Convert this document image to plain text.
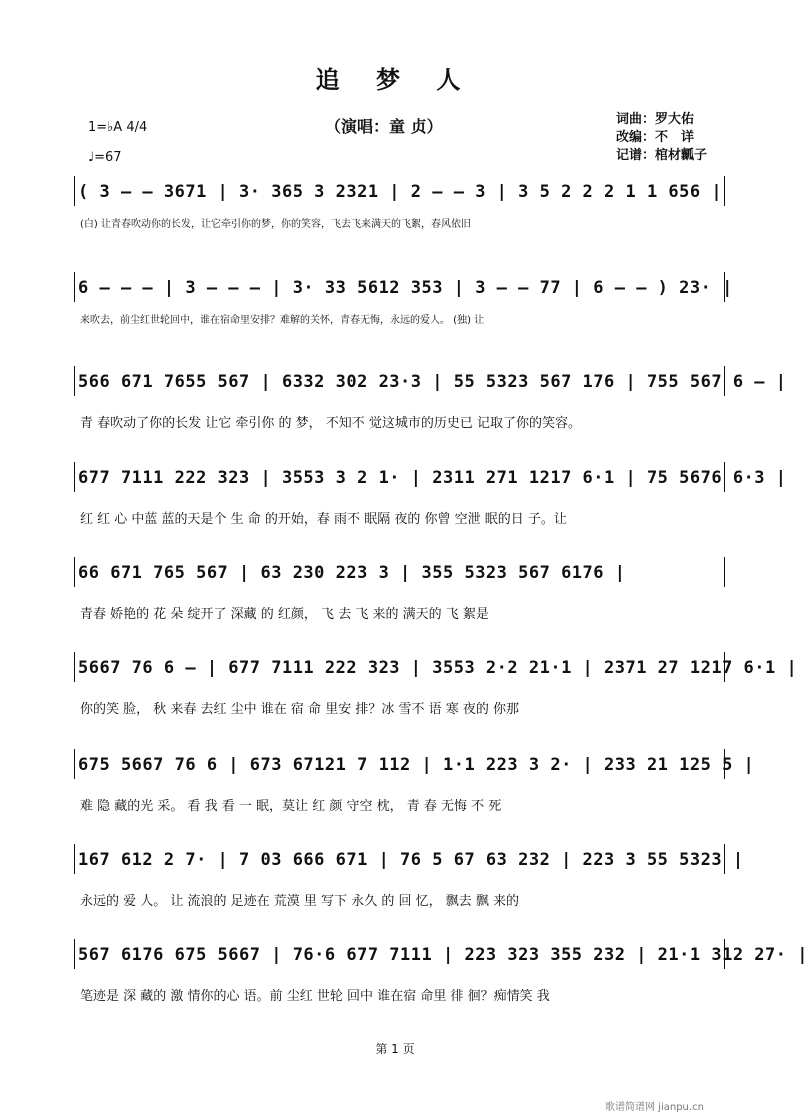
追 梦 人
（演唱：童 贞）	词曲：罗大佑
改编：不　详
记谱：棺材瓤子
1=♭A 4/4
♩=67
( 3 – – 3671 | 3· 365 3 2321 | 2 – – 3 | 3 5 2 2 2 1 1 656 |
(白) 让青春吹动你的长发，让它牵引你的梦，你的笑容，飞去飞来满天的飞絮，春风依旧
6 – – – | 3 – – – | 3· 33 5612 353 | 3 – – 77 | 6 – – ) 23· |
来吹去，前尘红世轮回中，谁在宿命里安排？难解的关怀，青春无悔，永远的爱人。 (独) 让
566 671 7655 567 | 6332 302 23·3 | 55 5323 567 176 | 755 567 6 – |
青 春吹动了你的长发 让它 牵引你 的 梦， 不知不 觉这城市的历史已 记取了你的笑容。
677 7111 222 323 | 3553 3 2 1· | 2311 271 1217 6·1 | 75 5676 6·3 |
红 红 心 中蓝 蓝的天是个 生 命 的开始，春 雨不 眠隔 夜的 你曾 空泄 眠的日 子。让
66 671 765 567 | 63 230 223 3 | 355 5323 567 6176 |
青春 娇艳的 花 朵 绽开了 深藏 的 红颜， 飞 去 飞 来的 满天的 飞 絮是
5667 76 6 – | 677 7111 222 323 | 3553 2·2 21·1 | 2371 27 1217 6·1 |
你的笑 脸， 秋 来春 去红 尘中 谁在 宿 命 里安 排？冰 雪不 语 寒 夜的 你那
675 5667 76 6 | 673 67121 7 112 | 1·1 223 3 2· | 233 21 125 5 |
难 隐 藏的光 采。 看 我 看 一 眠，莫让 红 颜 守空 枕， 青 春 无悔 不 死
167 612 2 7· | 7 03 666 671 | 76 5 67 63 232 | 223 3 55 5323 |
永远的 爱 人。 让 流浪的 足迹在 荒漠 里 写下 永久 的 回 忆， 飘去 飘 来的
567 6176 675 5667 | 76·6 677 7111 | 223 323 355 232 | 21·1 312 27· |
笔迹是 深 藏的 激 情你的心 语。前 尘红 世轮 回中 谁在宿 命里 徘 徊？痴情笑 我
第 1 页
歌谱简谱网 jianpu.cn
